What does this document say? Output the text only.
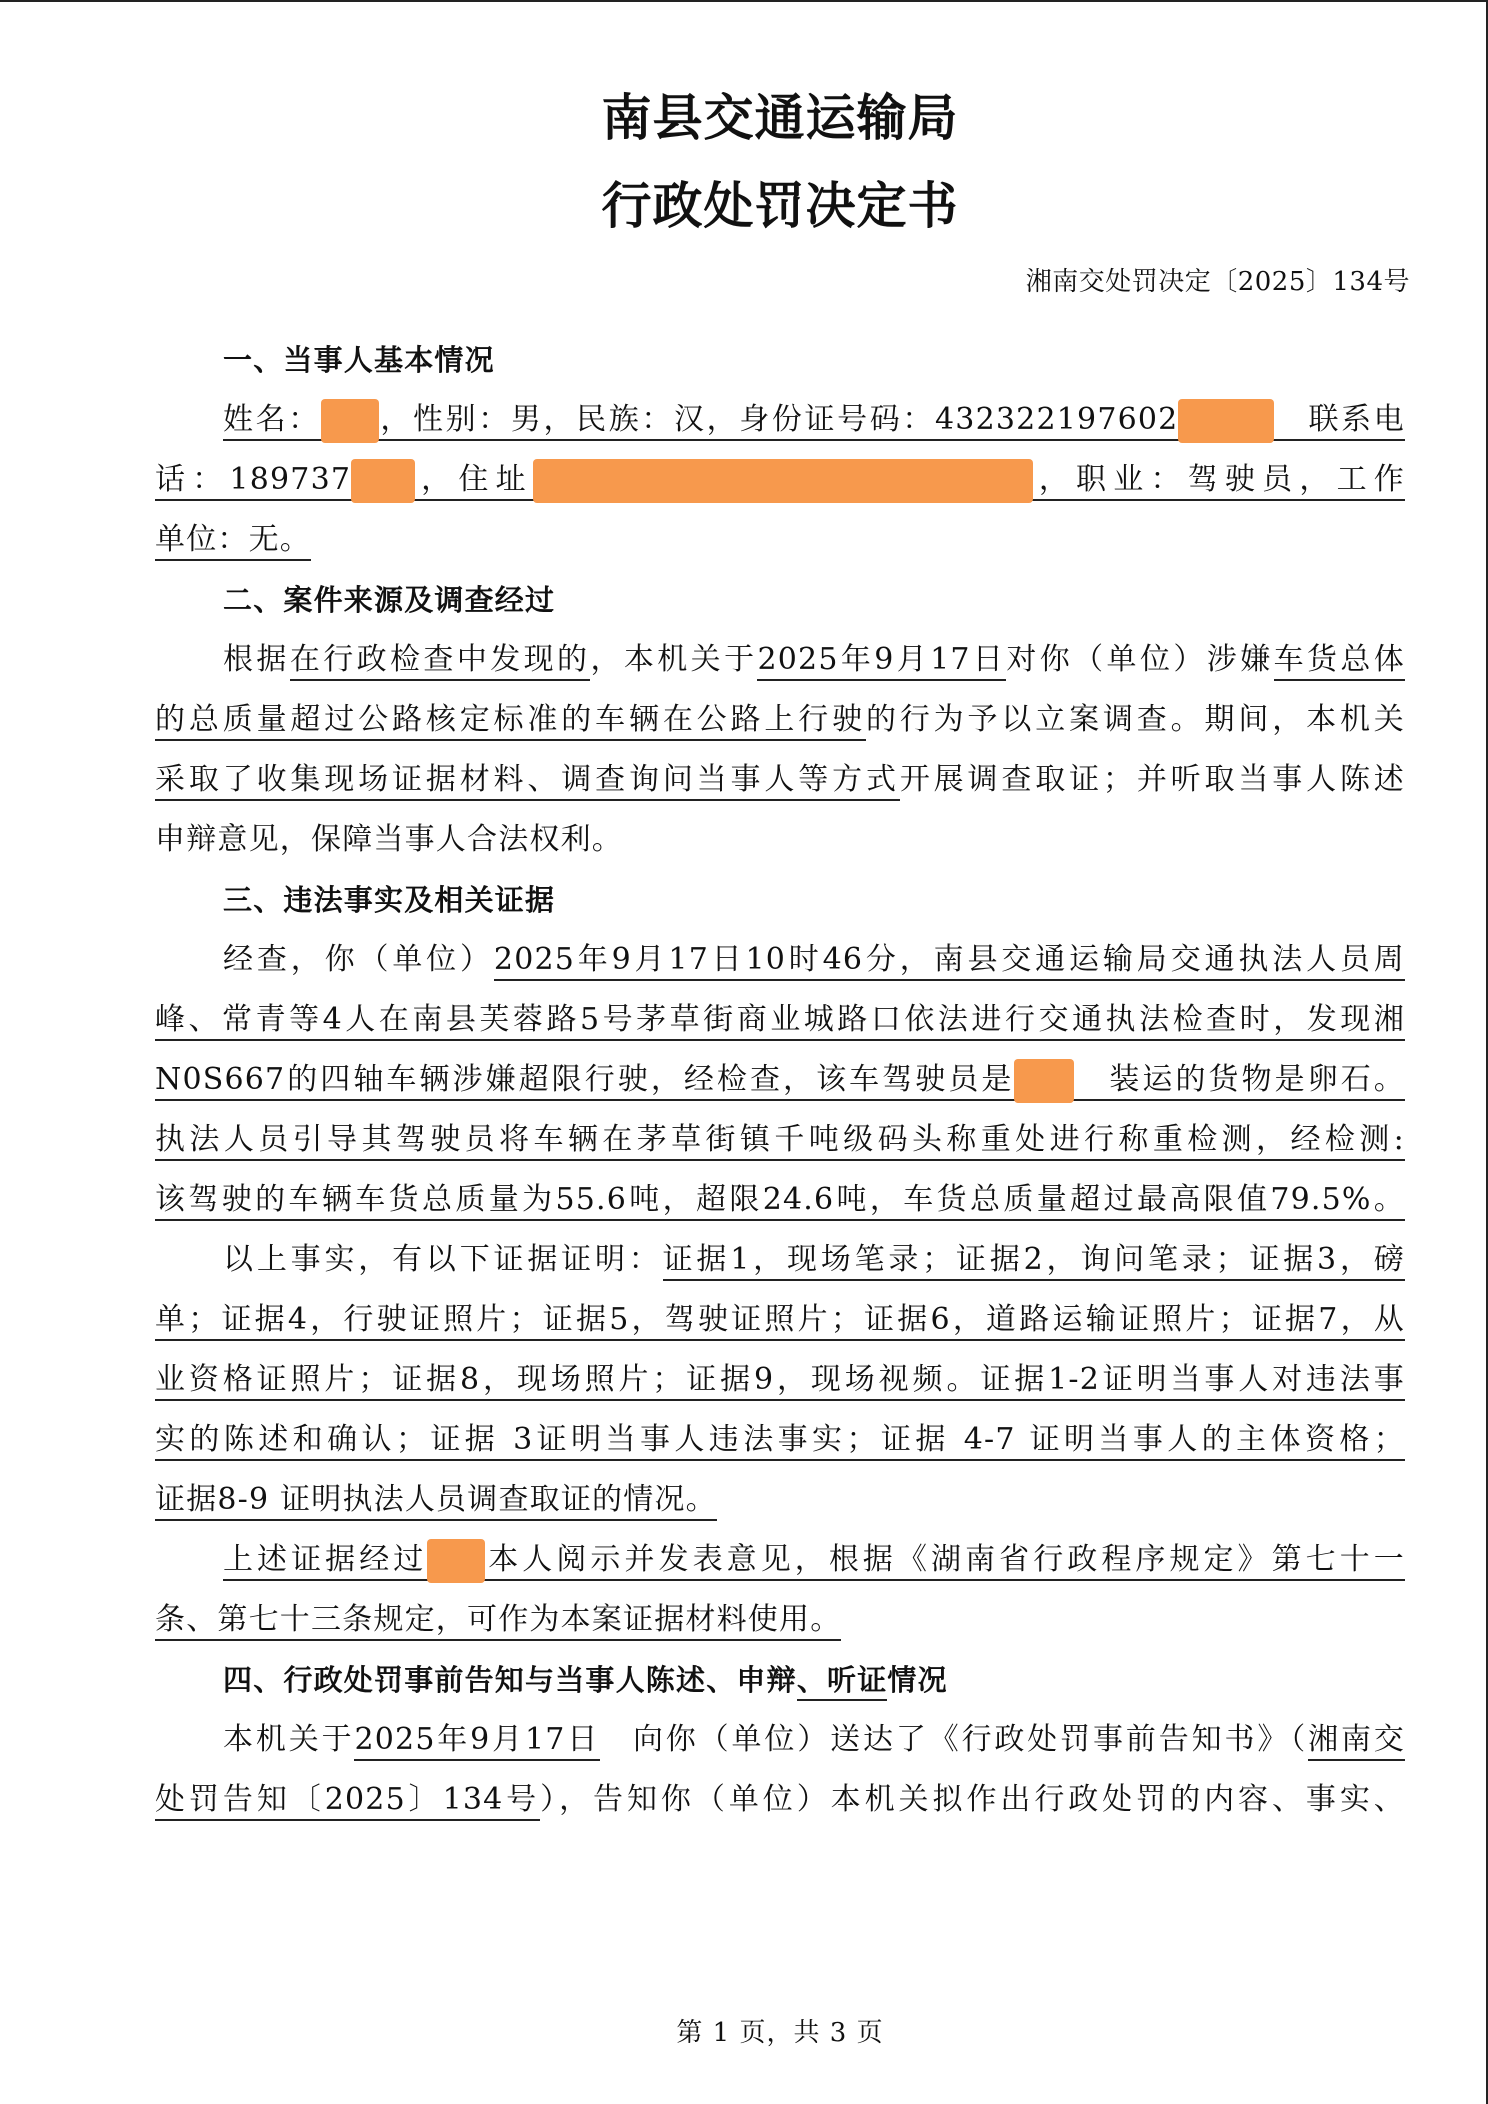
南县交通运输局
行政处罚决定书
湘南交处罚决定〔2025〕134号
一、当事人基本情况
姓名： ，性别：男，民族：汉，身份证号码：432322197602　	联系电
话：189737 ，住址	，职业：驾驶员，工作
单位：无。
二、案件来源及调查经过
根据在行政检查中发现的，本机关于2025年9月17日对你（单位）涉嫌车货总体
的总质量超过公路核定标准的车辆在公路上行驶的行为予以立案调查。期间，本机关
采取了收集现场证据材料、调查询问当事人等方式开展调查取证；并听取当事人陈述
申辩意见，保障当事人合法权利。
三、违法事实及相关证据
经查，你（单位）2025年9月17日10时46分，南县交通运输局交通执法人员周
峰、常青等4人在南县芙蓉路5号茅草街商业城路口依法进行交通执法检查时，发现湘
N0S667的四轴车辆涉嫌超限行驶，经检查，该车驾驶员是　	装运的货物是卵石。
执法人员引导其驾驶员将车辆在茅草街镇千吨级码头称重处进行称重检测，经检测:
该驾驶的车辆车货总质量为55.6吨，超限24.6吨，车货总质量超过最高限值79.5%。
以上事实，有以下证据证明：证据1，现场笔录；证据2，询问笔录；证据3，磅
单；证据4，行驶证照片；证据5，驾驶证照片；证据6，道路运输证照片；证据7，从
业资格证照片；证据8，现场照片；证据9，现场视频。证据1-2证明当事人对违法事
实的陈述和确认；证据 3证明当事人违法事实；证据 4-7 证明当事人的主体资格；
证据8-9 证明执法人员调查取证的情况。
上述证据经过 本人阅示并发表意见，根据《湖南省行政程序规定》第七十一
条、第七十三条规定，可作为本案证据材料使用。
四、行政处罚事前告知与当事人陈述、申辩、听证情况
本机关于2025年9月17日　 向你（单位）送达了《行政处罚事前告知书》（湘南交
处罚告知〔2025〕134号），告知你（单位）本机关拟作出行政处罚的内容、事实、
第 1 页，共 3 页
